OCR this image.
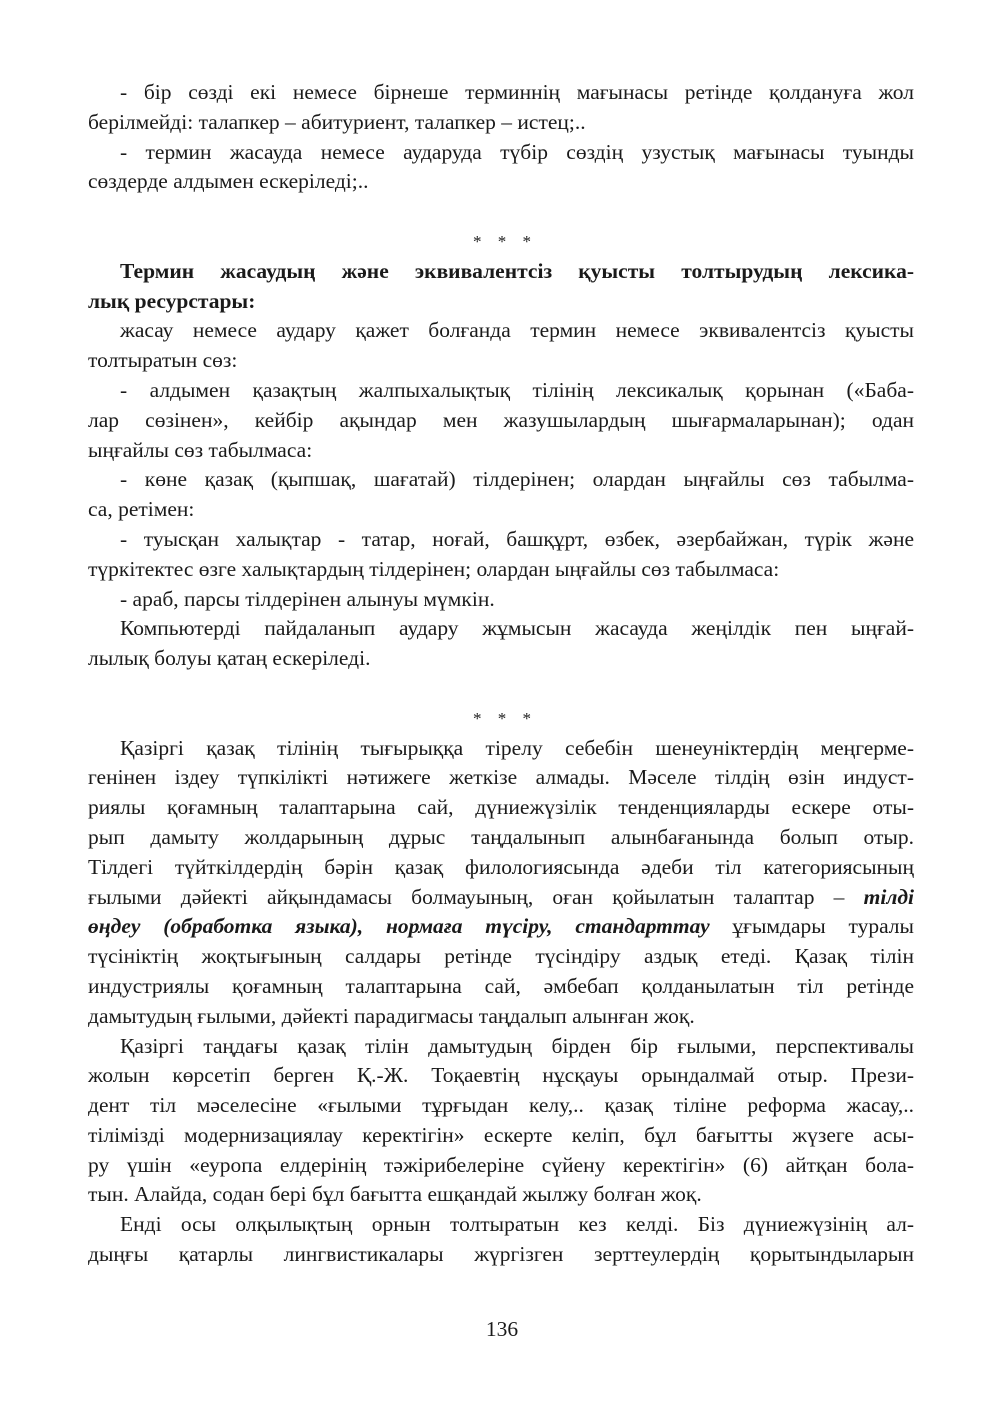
- бір сөзді екі немесе бірнеше терминнің мағынасы ретінде қолдануға жол
берілмейді: талапкер – абитуриент, талапкер – истец;..
- термин жасауда немесе аударуда түбір сөздің узустық мағынасы туынды
сөздерде алдымен ескеріледі;..
* * *
Термин жасаудың және эквивалентсіз қуысты толтырудың лексика-
лық ресурстары:
жасау немесе аудару қажет болғанда термин немесе эквивалентсіз қуысты
толтыратын сөз:
- алдымен қазақтың жалпыхалықтық тілінің лексикалық қорынан («Баба-
лар сөзінен», кейбір ақындар мен жазушылардың шығармаларынан); одан
ыңғайлы сөз табылмаса:
- көне қазақ (қыпшақ, шағатай) тілдерінен; олардан ыңғайлы сөз табылма-
са, ретімен:
- туысқан халықтар - татар, ноғай, башқұрт, өзбек, әзербайжан, түрік және
түркітектес өзге халықтардың тілдерінен; олардан ыңғайлы сөз табылмаса:
- араб, парсы тілдерінен алынуы мүмкін.
Компьютерді пайдаланып аудару жұмысын жасауда жеңілдік пен ыңғай-
лылық болуы қатаң ескеріледі.
* * *
Қазіргі қазақ тілінің тығырыққа тірелу себебін шенеуніктердің меңгерме-
генінен іздеу түпкілікті нәтижеге жеткізе алмады. Мәселе тілдің өзін индуст-
риялы қоғамның талаптарына сай, дүниежүзілік тенденцияларды ескере оты-
рып дамыту жолдарының дұрыс таңдалынып алынбағанында болып отыр.
Тілдегі түйткілдердің бәрін қазақ филологиясында әдеби тіл категориясының
ғылыми дәйекті айқындамасы болмауының, оған қойылатын талаптар – тілді
өңдеу (обработка языка), нормаға түсіру, стандарттау ұғымдары туралы
түсініктің жоқтығының салдары ретінде түсіндіру аздық етеді. Қазақ тілін
индустриялы қоғамның талаптарына сай, әмбебап қолданылатын тіл ретінде
дамытудың ғылыми, дәйекті парадигмасы таңдалып алынған жоқ.
Қазіргі таңдағы қазақ тілін дамытудың бірден бір ғылыми, перспективалы
жолын көрсетіп берген Қ.-Ж. Тоқаевтің нұсқауы орындалмай отыр. Прези-
дент тіл мәселесіне «ғылыми тұрғыдан келу,.. қазақ тіліне реформа жасау,..
тілімізді модернизациялау керектігін» ескерте келіп, бұл бағытты жүзеге асы-
ру үшін «еуропа елдерінің тәжірибелеріне сүйену керектігін» (6) айтқан бола-
тын. Алайда, содан бері бұл бағытта ешқандай жылжу болған жоқ.
Енді осы олқылықтың орнын толтыратын кез келді. Біз дүниежүзінің ал-
дыңғы қатарлы лингвистикалары жүргізген зерттеулердің қорытындыларын
136
